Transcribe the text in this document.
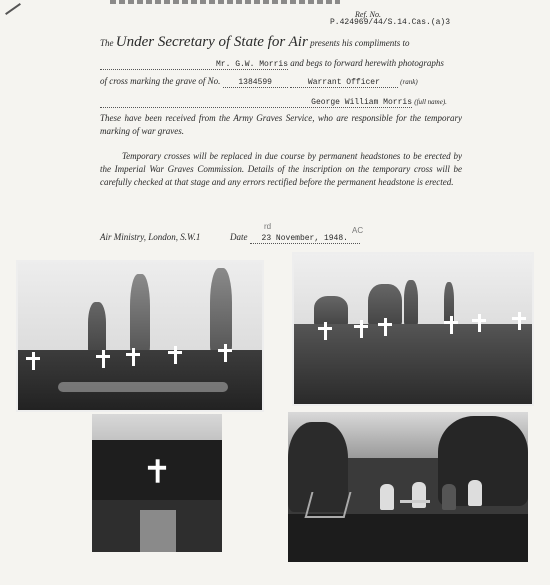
Ref. No.
P.424969/44/S.14.Cas.(a)3
The Under Secretary of State for Air presents his compliments to
Mr. G.W. Morris and begs to forward herewith photographs
of cross marking the grave of No. 1384599	Warrant Officer	(rank)
George William Morris (full name).
These have been received from the Army Graves Service, who are responsible for the temporary marking of war graves.
Temporary crosses will be replaced in due course by permanent headstones to be erected by the Imperial War Graves Commission. Details of the inscription on the temporary cross will be carefully checked at that stage and any errors rectified before the permanent headstone is erected.
Air Ministry, London, S.W.1	Date 23 November, 1948.
rd	AC
